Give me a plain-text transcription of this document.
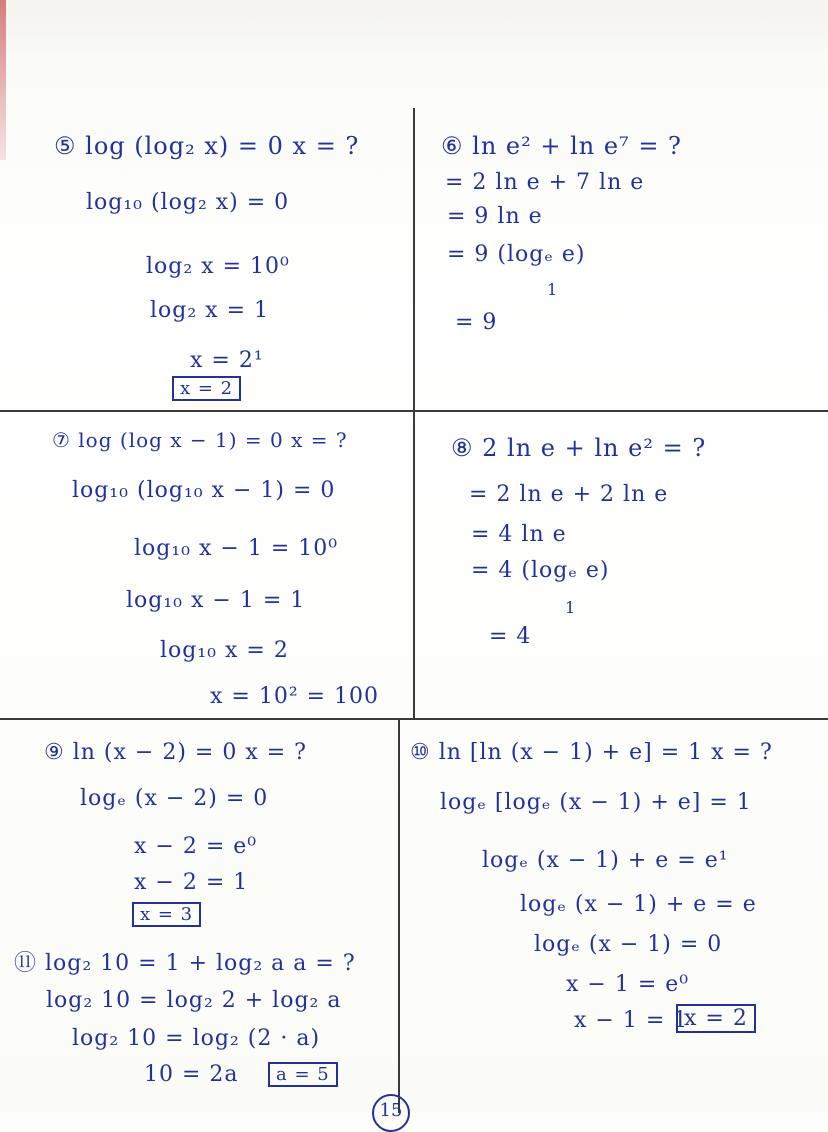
⑤ log (log₂ x) = 0 x = ?
log₁₀ (log₂ x) = 0
log₂ x = 10⁰
log₂ x = 1
x = 2¹
x = 2
⑥ ln e² + ln e⁷ = ?
= 2 ln e + 7 ln e
= 9 ln e
= 9 (logₑ e)
1
= 9
⑦ log (log x − 1) = 0 x = ?
log₁₀ (log₁₀ x − 1) = 0
log₁₀ x − 1 = 10⁰
log₁₀ x − 1 = 1
log₁₀ x = 2
x = 10² = 100
⑧ 2 ln e + ln e² = ?
= 2 ln e + 2 ln e
= 4 ln e
= 4 (logₑ e)
1
= 4
⑨ ln (x − 2) = 0 x = ?
logₑ (x − 2) = 0
x − 2 = e⁰
x − 2 = 1
x = 3
⑩ ln [ln (x − 1) + e] = 1 x = ?
logₑ [logₑ (x − 1) + e] = 1
logₑ (x − 1) + e = e¹
logₑ (x − 1) + e = e
logₑ (x − 1) = 0
x − 1 = e⁰
x − 1 = 1
x = 2
⑪ log₂ 10 = 1 + log₂ a a = ?
log₂ 10 = log₂ 2 + log₂ a
log₂ 10 = log₂ (2 · a)
10 = 2a	a = 5
15
